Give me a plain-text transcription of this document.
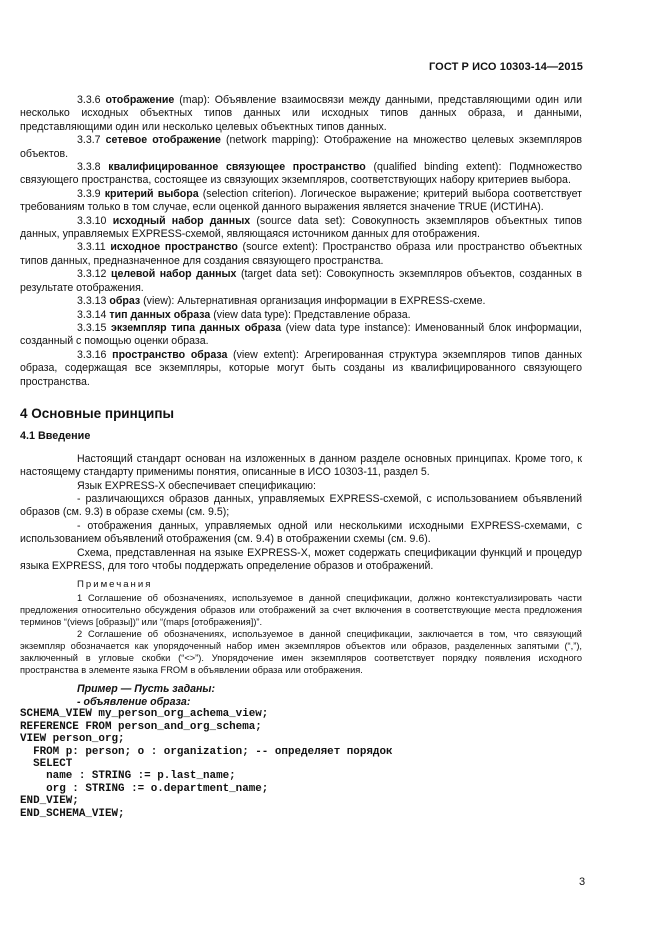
ГОСТ Р ИСО 10303-14—2015

3.3.6 отображение (map): Объявление взаимосвязи между данными, представляющими один или несколько исходных объектных типов данных или исходных типов данных образа, и данными, представляющими один или несколько целевых объектных типов данных.

3.3.7 сетевое отображение (network mapping): Отображение на множество целевых экземпляров объектов.

3.3.8 квалифицированное связующее пространство (qualified binding extent): Подмножество связующего пространства, состоящее из связующих экземпляров, соответствующих набору критериев выбора.

3.3.9 критерий выбора (selection criterion). Логическое выражение; критерий выбора соответствует требованиям только в том случае, если оценкой данного выражения является значение TRUE (ИСТИНА).

3.3.10 исходный набор данных (source data set): Совокупность экземпляров объектных типов данных, управляемых EXPRESS-схемой, являющаяся источником данных для отображения.

3.3.11 исходное пространство (source extent): Пространство образа или пространство объектных типов данных, предназначенное для создания связующего пространства.

3.3.12 целевой набор данных (target data set): Совокупность экземпляров объектов, созданных в результате отображения.

3.3.13 образ (view): Альтернативная организация информации в EXPRESS-схеме.

3.3.14 тип данных образа (view data type): Представление образа.

3.3.15 экземпляр типа данных образа (view data type instance): Именованный блок информации, созданный с помощью оценки образа.

3.3.16 пространство образа (view extent): Агрегированная структура экземпляров типов данных образа, содержащая все экземпляры, которые могут быть созданы из квалифицированного связующего пространства.

4 Основные принципы

4.1 Введение

Настоящий стандарт основан на изложенных в данном разделе основных принципах. Кроме того, к настоящему стандарту применимы понятия, описанные в ИСО 10303-11, раздел 5.

Язык EXPRESS-X обеспечивает спецификацию:

- различающихся образов данных, управляемых EXPRESS-схемой, с использованием объявлений образов (см. 9.3) в образе схемы (см. 9.5);

- отображения данных, управляемых одной или несколькими исходными EXPRESS-схемами, с использованием объявлений отображения (см. 9.4) в отображении схемы (см. 9.6).

Схема, представленная на языке EXPRESS-X, может содержать спецификации функций и процедур языка EXPRESS, для того чтобы поддержать определение образов и отображений.

Примечания

1 Соглашение об обозначениях, используемое в данной спецификации, должно контекстуализировать части предложения относительно обсуждения образов или отображений за счет включения в соответствующие места предложения терминов “(views [образы])” или “(maps [отображения])”.

2 Соглашение об обозначениях, используемое в данной спецификации, заключается в том, что связующий экземпляр обозначается как упорядоченный набор имен экземпляров объектов или образов, разделенных запятыми (“,”), заключенный в угловые скобки (“<>”). Упорядочение имен экземпляров соответствует порядку появления исходного пространства в элементе языка FROM в объявлении образа или отображения.

Пример — Пусть заданы:
- объявление образа:
SCHEMA_VIEW my_person_org_achema_view;
REFERENCE FROM person_and_org_schema;
VIEW person_org;
FROM p: person; o : organization; -- определяет порядок
SELECT
name : STRING := p.last_name;
org : STRING := o.department_name;
END_VIEW;
END_SCHEMA_VIEW;
3
